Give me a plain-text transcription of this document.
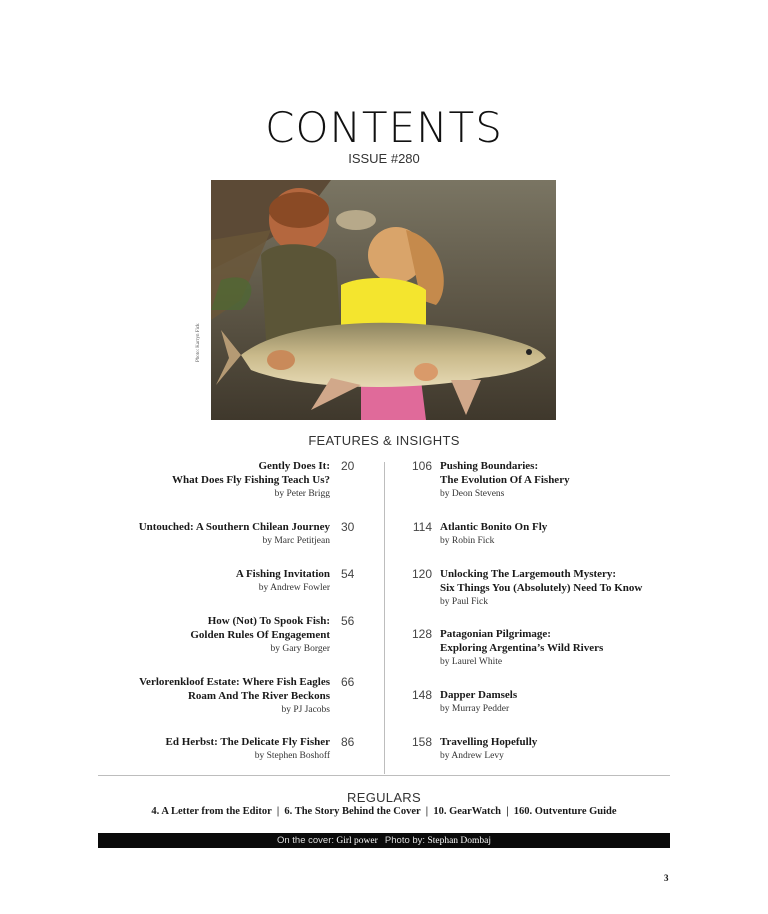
CONTENTS
ISSUE #280
Photo: Karryn Fick
FEATURES & INSIGHTS
Gently Does It:
What Does Fly Fishing Teach Us?
by Peter Brigg
20
Untouched: A Southern Chilean Journey
by Marc Petitjean
30
A Fishing Invitation
by Andrew Fowler
54
How (Not) To Spook Fish:
Golden Rules Of Engagement
by Gary Borger
56
Verlorenkloof Estate: Where Fish Eagles
Roam And The River Beckons
by PJ Jacobs
66
Ed Herbst: The Delicate Fly Fisher
by Stephen Boshoff
86
106 Pushing Boundaries:
The Evolution Of A Fishery
by Deon Stevens
114 Atlantic Bonito On Fly
by Robin Fick
120 Unlocking The Largemouth Mystery:
Six Things You (Absolutely) Need To Know
by Paul Fick
128 Patagonian Pilgrimage:
Exploring Argentina’s Wild Rivers
by Laurel White
148 Dapper Damsels
by Murray Pedder
158 Travelling Hopefully
by Andrew Levy
REGULARS
4. A Letter from the Editor  |  6. The Story Behind the Cover  |  10. GearWatch  |  160. Outventure Guide
On the cover: Girl power Photo by: Stephan Dombaj
3
